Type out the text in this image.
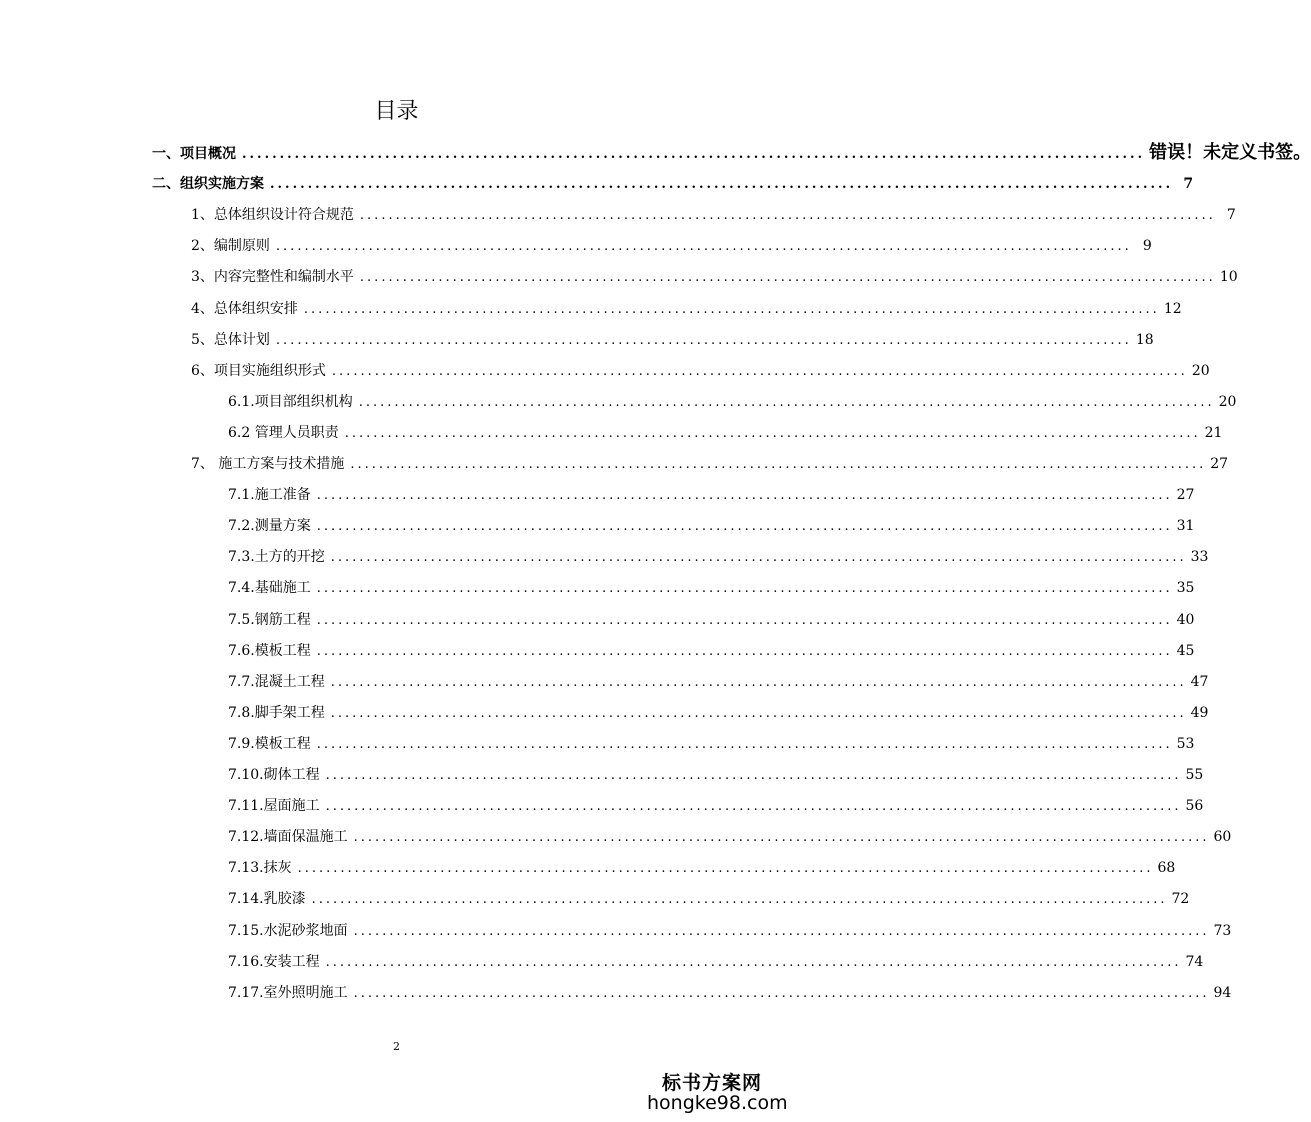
目录
一、项目概况 ........................................................................................................................ 错误！未定义书签。
二、组织实施方案 ........................................................................................................................ 7
1、总体组织设计符合规范 ........................................................................................................................ 7
2、编制原则 ........................................................................................................................ 9
3、内容完整性和编制水平 ........................................................................................................................ 10
4、总体组织安排 ........................................................................................................................ 12
5、总体计划 ........................................................................................................................ 18
6、项目实施组织形式 ........................................................................................................................ 20
6.1.项目部组织机构 ........................................................................................................................ 20
6.2 管理人员职责 ........................................................................................................................ 21
7、 施工方案与技术措施 ........................................................................................................................ 27
7.1.施工准备 ........................................................................................................................ 27
7.2.测量方案 ........................................................................................................................ 31
7.3.土方的开挖 ........................................................................................................................ 33
7.4.基础施工 ........................................................................................................................ 35
7.5.钢筋工程 ........................................................................................................................ 40
7.6.模板工程 ........................................................................................................................ 45
7.7.混凝土工程 ........................................................................................................................ 47
7.8.脚手架工程 ........................................................................................................................ 49
7.9.模板工程 ........................................................................................................................ 53
7.10.砌体工程 ........................................................................................................................ 55
7.11.屋面施工 ........................................................................................................................ 56
7.12.墙面保温施工 ........................................................................................................................ 60
7.13.抹灰 ........................................................................................................................ 68
7.14.乳胶漆 ........................................................................................................................ 72
7.15.水泥砂浆地面 ........................................................................................................................ 73
7.16.安装工程 ........................................................................................................................ 74
7.17.室外照明施工 ........................................................................................................................ 94
2
标书方案网
hongke98.com
